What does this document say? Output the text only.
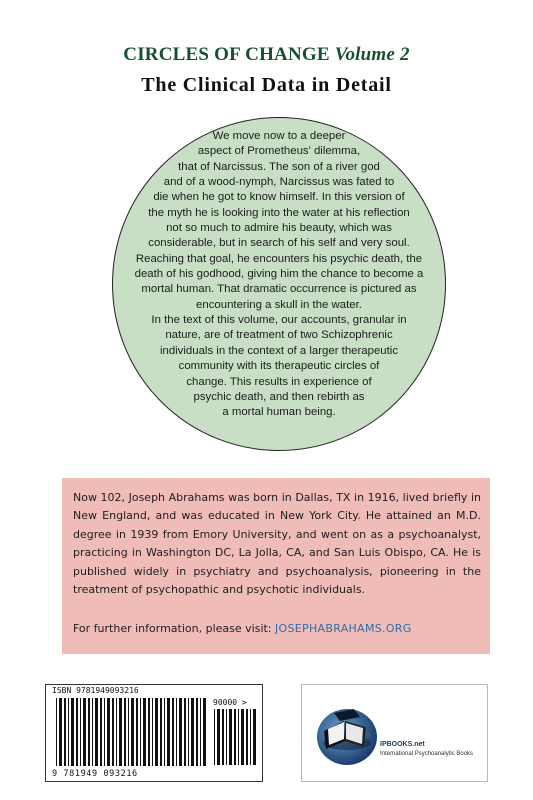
CIRCLES OF CHANGE Volume 2
The Clinical Data in Detail
We move now to a deeper
aspect of Prometheus' dilemma,
that of Narcissus. The son of a river god
and of a wood-nymph, Narcissus was fated to
die when he got to know himself. In this version of
the myth he is looking into the water at his reflection
not so much to admire his beauty, which was
considerable, but in search of his self and very soul.
Reaching that goal, he encounters his psychic death, the
death of his godhood, giving him the chance to become a
mortal human. That dramatic occurrence is pictured as
encountering a skull in the water.
In the text of this volume, our accounts, granular in
nature, are of treatment of two Schizophrenic
individuals in the context of a larger therapeutic
community with its therapeutic circles of
change. This results in experience of
psychic death, and then rebirth as
a mortal human being.
Now 102, Joseph Abrahams was born in Dallas, TX in 1916, lived briefly in New England, and was educated in New York City. He attained an M.D. degree in 1939 from Emory University, and went on as a psychoanalyst, practicing in Washington DC, La Jolla, CA, and San Luis Obispo, CA. He is published widely in psychiatry and psychoanalysis, pioneering in the treatment of psychopathic and psychotic individuals.
For further information, please visit: JOSEPHABRAHAMS.ORG
ISBN 9781949093216
90000 >
9 781949 093216
IPBOOKS.net
International Psychoanalytic Books
